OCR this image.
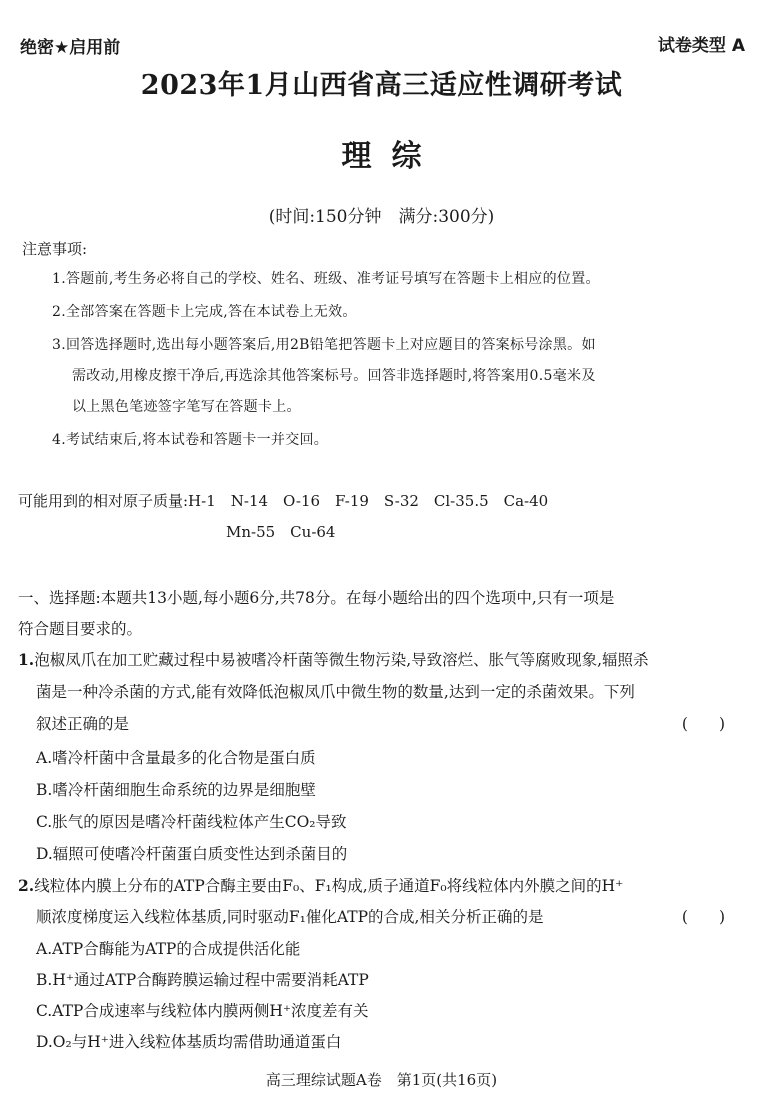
绝密★启用前	试卷类型 A
2023年1月山西省高三适应性调研考试
理综
(时间:150分钟　满分:300分)
注意事项:
1.答题前,考生务必将自己的学校、姓名、班级、准考证号填写在答题卡上相应的位置。
2.全部答案在答题卡上完成,答在本试卷上无效。
3.回答选择题时,选出每小题答案后,用2B铅笔把答题卡上对应题目的答案标号涂黑。如
需改动,用橡皮擦干净后,再选涂其他答案标号。回答非选择题时,将答案用0.5毫米及
以上黑色笔迹签字笔写在答题卡上。
4.考试结束后,将本试卷和答题卡一并交回。
可能用到的相对原子质量:H-1　N-14　O-16　F-19　S-32　Cl-35.5　Ca-40
Mn-55　Cu-64
一、选择题:本题共13小题,每小题6分,共78分。在每小题给出的四个选项中,只有一项是
符合题目要求的。
1.泡椒凤爪在加工贮藏过程中易被嗜冷杆菌等微生物污染,导致溶烂、胀气等腐败现象,辐照杀
菌是一种冷杀菌的方式,能有效降低泡椒凤爪中微生物的数量,达到一定的杀菌效果。下列
叙述正确的是	(　　)
A.嗜冷杆菌中含量最多的化合物是蛋白质
B.嗜冷杆菌细胞生命系统的边界是细胞壁
C.胀气的原因是嗜冷杆菌线粒体产生CO₂导致
D.辐照可使嗜冷杆菌蛋白质变性达到杀菌目的
2.线粒体内膜上分布的ATP合酶主要由F₀、F₁构成,质子通道F₀将线粒体内外膜之间的H⁺
顺浓度梯度运入线粒体基质,同时驱动F₁催化ATP的合成,相关分析正确的是	(　　)
A.ATP合酶能为ATP的合成提供活化能
B.H⁺通过ATP合酶跨膜运输过程中需要消耗ATP
C.ATP合成速率与线粒体内膜两侧H⁺浓度差有关
D.O₂与H⁺进入线粒体基质均需借助通道蛋白
高三理综试题A卷　第1页(共16页)
